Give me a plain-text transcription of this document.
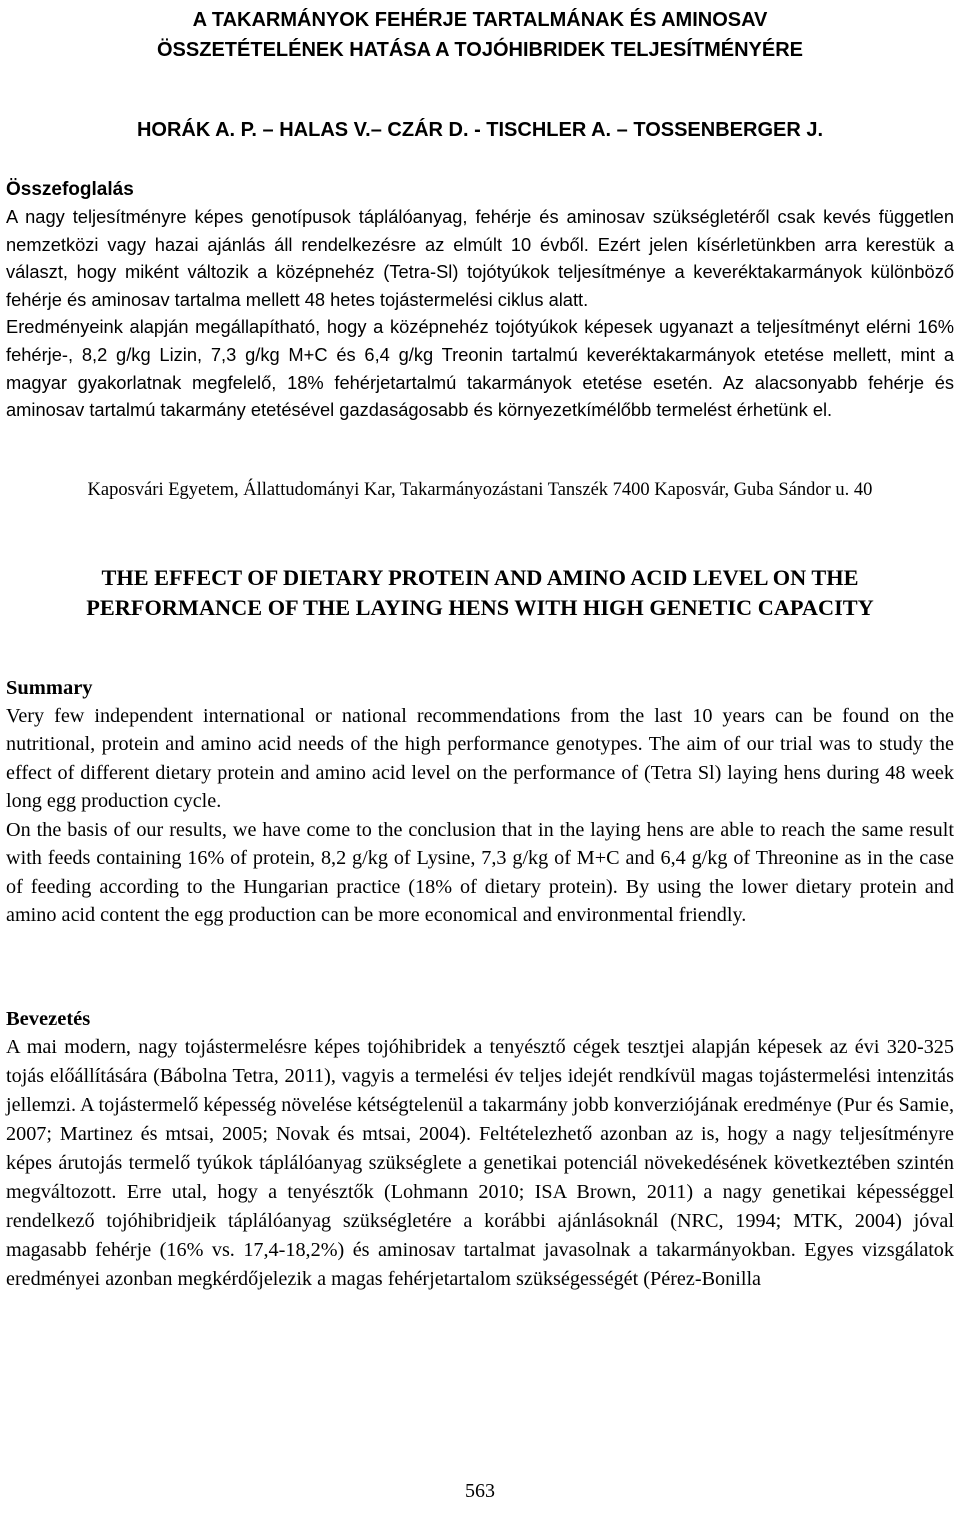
A TAKARMÁNYOK FEHÉRJE TARTALMÁNAK ÉS AMINOSAV
ÖSSZETÉTELÉNEK HATÁSA A TOJÓHIBRIDEK TELJESÍTMÉNYÉRE

HORÁK A. P. – HALAS V.– CZÁR D. - TISCHLER A. – TOSSENBERGER J.

Összefoglalás

A nagy teljesítményre képes genotípusok táplálóanyag, fehérje és aminosav szükségletéről csak kevés független nemzetközi vagy hazai ajánlás áll rendelkezésre az elmúlt 10 évből. Ezért jelen kísérletünkben arra kerestük a választ, hogy miként változik a középnehéz (Tetra-Sl) tojótyúkok teljesítménye a keveréktakarmányok különböző fehérje és aminosav tartalma mellett 48 hetes tojástermelési ciklus alatt.

Eredményeink alapján megállapítható, hogy a középnehéz tojótyúkok képesek ugyanazt a teljesítményt elérni 16% fehérje-, 8,2 g/kg Lizin, 7,3 g/kg M+C és 6,4 g/kg Treonin tartalmú keveréktakarmányok etetése mellett, mint a magyar gyakorlatnak megfelelő, 18% fehérjetartalmú takarmányok etetése esetén. Az alacsonyabb fehérje és aminosav tartalmú takarmány etetésével gazdaságosabb és környezetkímélőbb termelést érhetünk el.

Kaposvári Egyetem, Állattudományi Kar, Takarmányozástani Tanszék 7400 Kaposvár, Guba Sándor u. 40

THE EFFECT OF DIETARY PROTEIN AND AMINO ACID LEVEL ON THE
PERFORMANCE OF THE LAYING HENS WITH HIGH GENETIC CAPACITY
Summary

Very few independent international or national recommendations from the last 10 years can be found on the nutritional, protein and amino acid needs of the high performance genotypes. The aim of our trial was to study the effect of different dietary protein and amino acid level on the performance of (Tetra Sl) laying hens during 48 week long egg production cycle.

On the basis of our results, we have come to the conclusion that in the laying hens are able to reach the same result with feeds containing 16% of protein, 8,2 g/kg of Lysine, 7,3 g/kg of M+C and 6,4 g/kg of Threonine as in the case of feeding according to the Hungarian practice (18% of dietary protein). By using the lower dietary protein and amino acid content the egg production can be more economical and environmental friendly.

Bevezetés

A mai modern, nagy tojástermelésre képes tojóhibridek a tenyésztő cégek tesztjei alapján képesek az évi 320-325 tojás előállítására (Bábolna Tetra, 2011), vagyis a termelési év teljes idejét rendkívül magas tojástermelési intenzitás jellemzi. A tojástermelő képesség növelése kétségtelenül a takarmány jobb konverziójának eredménye (Pur és Samie, 2007; Martinez és mtsai, 2005; Novak és mtsai, 2004). Feltételezhető azonban az is, hogy a nagy teljesítményre képes árutojás termelő tyúkok táplálóanyag szükséglete a genetikai potenciál növekedésének következtében szintén megváltozott. Erre utal, hogy a tenyésztők (Lohmann 2010; ISA Brown, 2011) a nagy genetikai képességgel rendelkező tojóhibridjeik táplálóanyag szükségletére a korábbi ajánlásoknál (NRC, 1994; MTK, 2004) jóval magasabb fehérje (16% vs. 17,4-18,2%) és aminosav tartalmat javasolnak a takarmányokban. Egyes vizsgálatok eredményei azonban megkérdőjelezik a magas fehérjetartalom szükségességét (Pérez-Bonilla

563
